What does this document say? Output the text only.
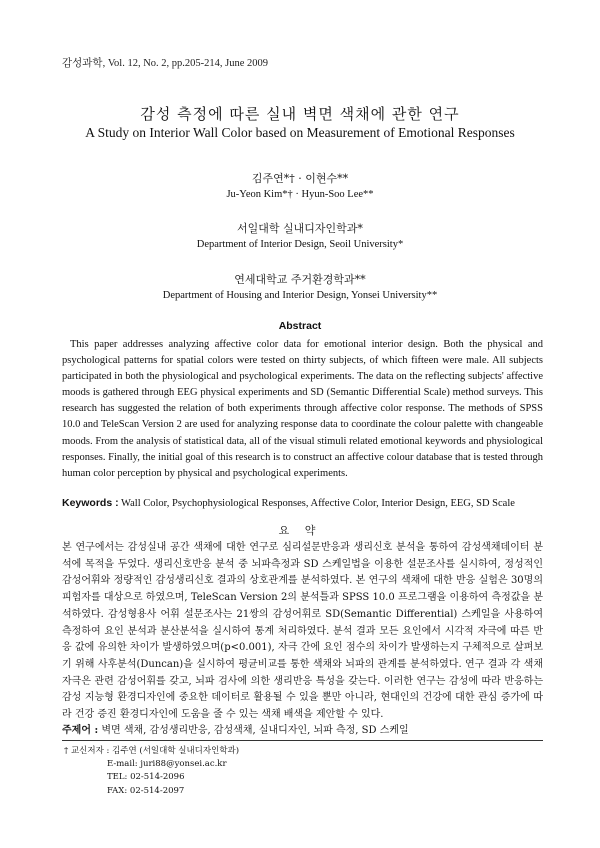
감성과학, Vol. 12, No. 2, pp.205-214, June 2009
감성 측정에 따른 실내 벽면 색채에 관한 연구
A Study on Interior Wall Color based on Measurement of Emotional Responses
김주연*† · 이현수**
Ju-Yeon Kim*† · Hyun-Soo Lee**
서일대학 실내디자인학과*
Department of Interior Design, Seoil University*
연세대학교 주거환경학과**
Department of Housing and Interior Design, Yonsei University**
Abstract

This paper addresses analyzing affective color data for emotional interior design. Both the physical and psychological patterns for spatial colors were tested on thirty subjects, of which fifteen were male. All subjects participated in both the physiological and psychological experiments. The data on the reflecting subjects' affective moods is gathered through EEG physical experiments and SD (Semantic Differential Scale) method surveys. This research has suggested the relation of both experiments through affective color response. The methods of SPSS 10.0 and TeleScan Version 2 are used for analyzing response data to coordinate the colour palette with changeable moods. From the analysis of statistical data, all of the visual stimuli related emotional keywords and physiological responses. Finally, the initial goal of this research is to construct an affective colour database that is tested through human color perception by physical and psychological experiments.

Keywords : Wall Color, Psychophysiological Responses, Affective Color, Interior Design, EEG, SD Scale
요 약

본 연구에서는 감성실내 공간 색채에 대한 연구로 심리설문반응과 생리신호 분석을 통하여 감성색채데이터 분석에 목적을 두었다. 생리신호반응 분석 중 뇌파측정과 SD 스케일법을 이용한 설문조사를 실시하여, 정성적인 감성어휘와 정량적인 감성생리신호 결과의 상호관계를 분석하였다. 본 연구의 색채에 대한 반응 실험은 30명의 피험자를 대상으로 하였으며, TeleScan Version 2의 분석틀과 SPSS 10.0 프로그램을 이용하여 측정값을 분석하였다. 감성형용사 어휘 설문조사는 21쌍의 감성어휘로 SD(Semantic Differential) 스케일을 사용하여 측정하여 요인 분석과 분산분석을 실시하여 통계 처리하였다. 분석 결과 모든 요인에서 시각적 자극에 따른 반응 값에 유의한 차이가 발생하였으며(p<0.001), 자극 간에 요인 점수의 차이가 발생하는지 구체적으로 살펴보기 위해 사후분석(Duncan)을 실시하여 평균비교를 통한 색채와 뇌파의 관계를 분석하였다. 연구 결과 각 색채 자극은 관련 감성어휘를 갖고, 뇌파 검사에 의한 생리반응 특성을 갖는다. 이러한 연구는 감성에 따라 반응하는 감성 지능형 환경디자인에 중요한 데이터로 활용될 수 있을 뿐만 아니라, 현대인의 건강에 대한 관심 증가에 따라 건강 증진 환경디자인에 도움을 줄 수 있는 색채 배색을 제안할 수 있다.

주제어 : 벽면 색채, 감성생리반응, 감성색채, 실내디자인, 뇌파 측정, SD 스케일
† 교신저자 : 김주연 (서일대학 실내디자인학과)
E-mail: juri88@yonsei.ac.kr
TEL: 02-514-2096
FAX: 02-514-2097
